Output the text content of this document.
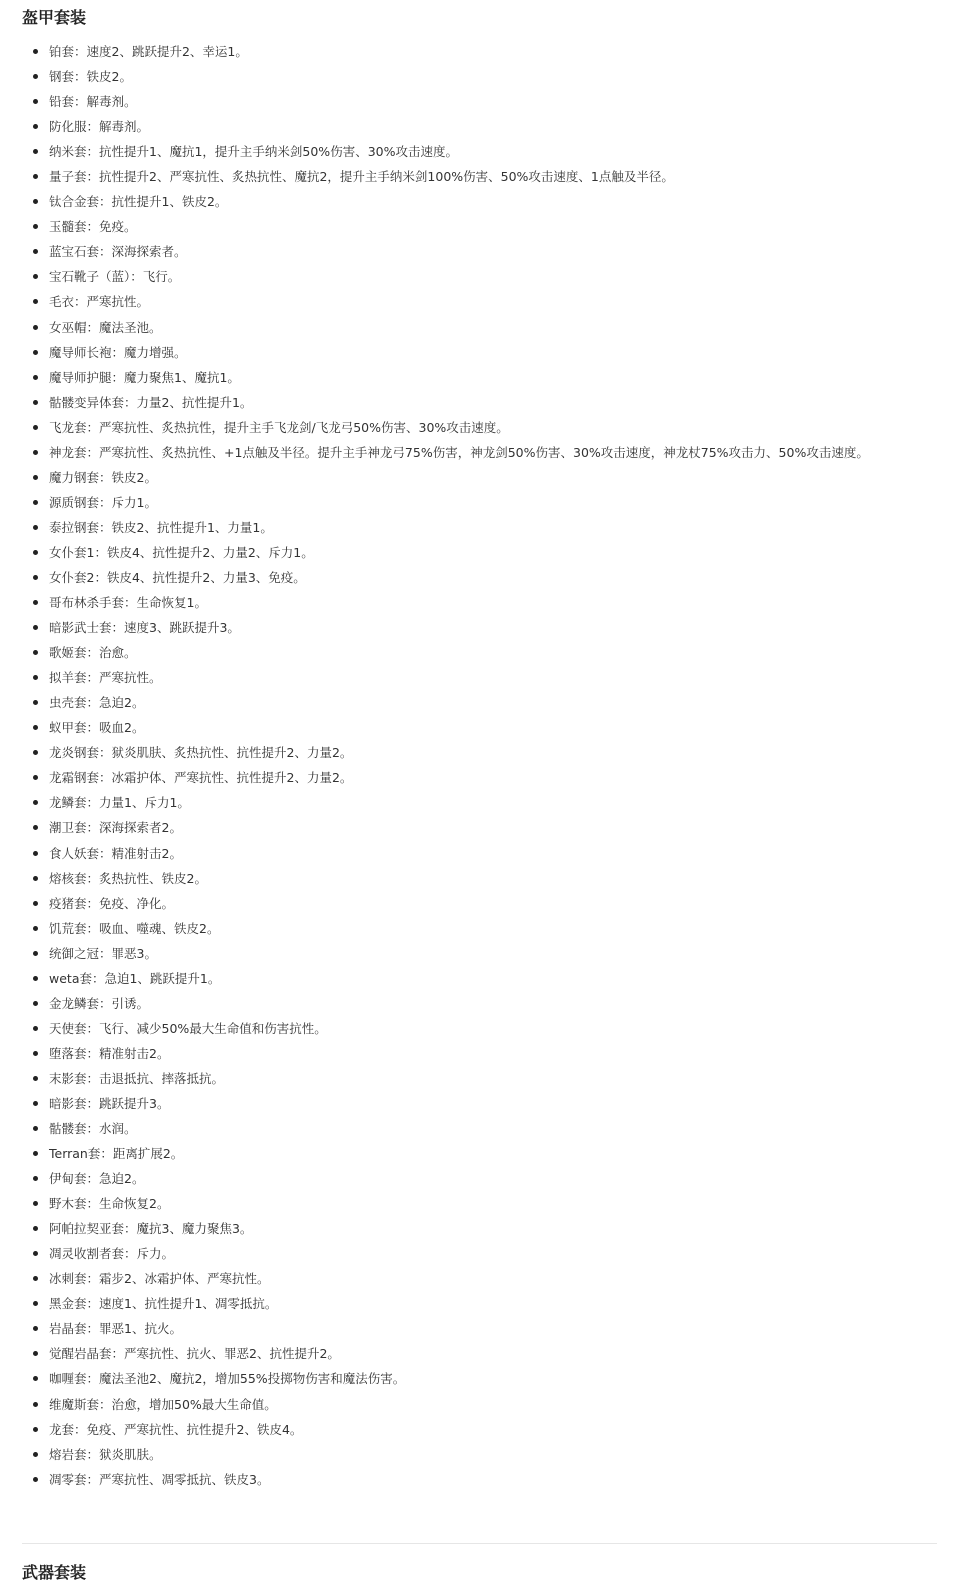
盔甲套装
铂套：速度2、跳跃提升2、幸运1。
钢套：铁皮2。
铅套：解毒剂。
防化服：解毒剂。
纳米套：抗性提升1、魔抗1，提升主手纳米剑50%伤害、30%攻击速度。
量子套：抗性提升2、严寒抗性、炙热抗性、魔抗2，提升主手纳米剑100%伤害、50%攻击速度、1点触及半径。
钛合金套：抗性提升1、铁皮2。
玉髓套：免疫。
蓝宝石套：深海探索者。
宝石靴子（蓝）：飞行。
毛衣：严寒抗性。
女巫帽：魔法圣池。
魔导师长袍：魔力增强。
魔导师护腿：魔力聚焦1、魔抗1。
骷髅变异体套：力量2、抗性提升1。
飞龙套：严寒抗性、炙热抗性，提升主手飞龙剑/飞龙弓50%伤害、30%攻击速度。
神龙套：严寒抗性、炙热抗性、+1点触及半径。提升主手神龙弓75%伤害，神龙剑50%伤害、30%攻击速度，神龙杖75%攻击力、50%攻击速度。
魔力钢套：铁皮2。
源质钢套：斥力1。
泰拉钢套：铁皮2、抗性提升1、力量1。
女仆套1：铁皮4、抗性提升2、力量2、斥力1。
女仆套2：铁皮4、抗性提升2、力量3、免疫。
哥布林杀手套：生命恢复1。
暗影武士套：速度3、跳跃提升3。
歌姬套：治愈。
拟羊套：严寒抗性。
虫壳套：急迫2。
蚁甲套：吸血2。
龙炎钢套：狱炎肌肤、炙热抗性、抗性提升2、力量2。
龙霜钢套：冰霜护体、严寒抗性、抗性提升2、力量2。
龙鳞套：力量1、斥力1。
潮卫套：深海探索者2。
食人妖套：精准射击2。
熔核套：炙热抗性、铁皮2。
疫猪套：免疫、净化。
饥荒套：吸血、噬魂、铁皮2。
统御之冠：罪恶3。
weta套：急迫1、跳跃提升1。
金龙鳞套：引诱。
天使套：飞行、减少50%最大生命值和伤害抗性。
堕落套：精准射击2。
末影套：击退抵抗、摔落抵抗。
暗影套：跳跃提升3。
骷髅套：水润。
Terran套：距离扩展2。
伊甸套：急迫2。
野木套：生命恢复2。
阿帕拉契亚套：魔抗3、魔力聚焦3。
凋灵收割者套：斥力。
冰刺套：霜步2、冰霜护体、严寒抗性。
黑金套：速度1、抗性提升1、凋零抵抗。
岩晶套：罪恶1、抗火。
觉醒岩晶套：严寒抗性、抗火、罪恶2、抗性提升2。
咖喱套：魔法圣池2、魔抗2，增加55%投掷物伤害和魔法伤害。
维魔斯套：治愈，增加50%最大生命值。
龙套：免疫、严寒抗性、抗性提升2、铁皮4。
熔岩套：狱炎肌肤。
凋零套：严寒抗性、凋零抵抗、铁皮3。
武器套装
